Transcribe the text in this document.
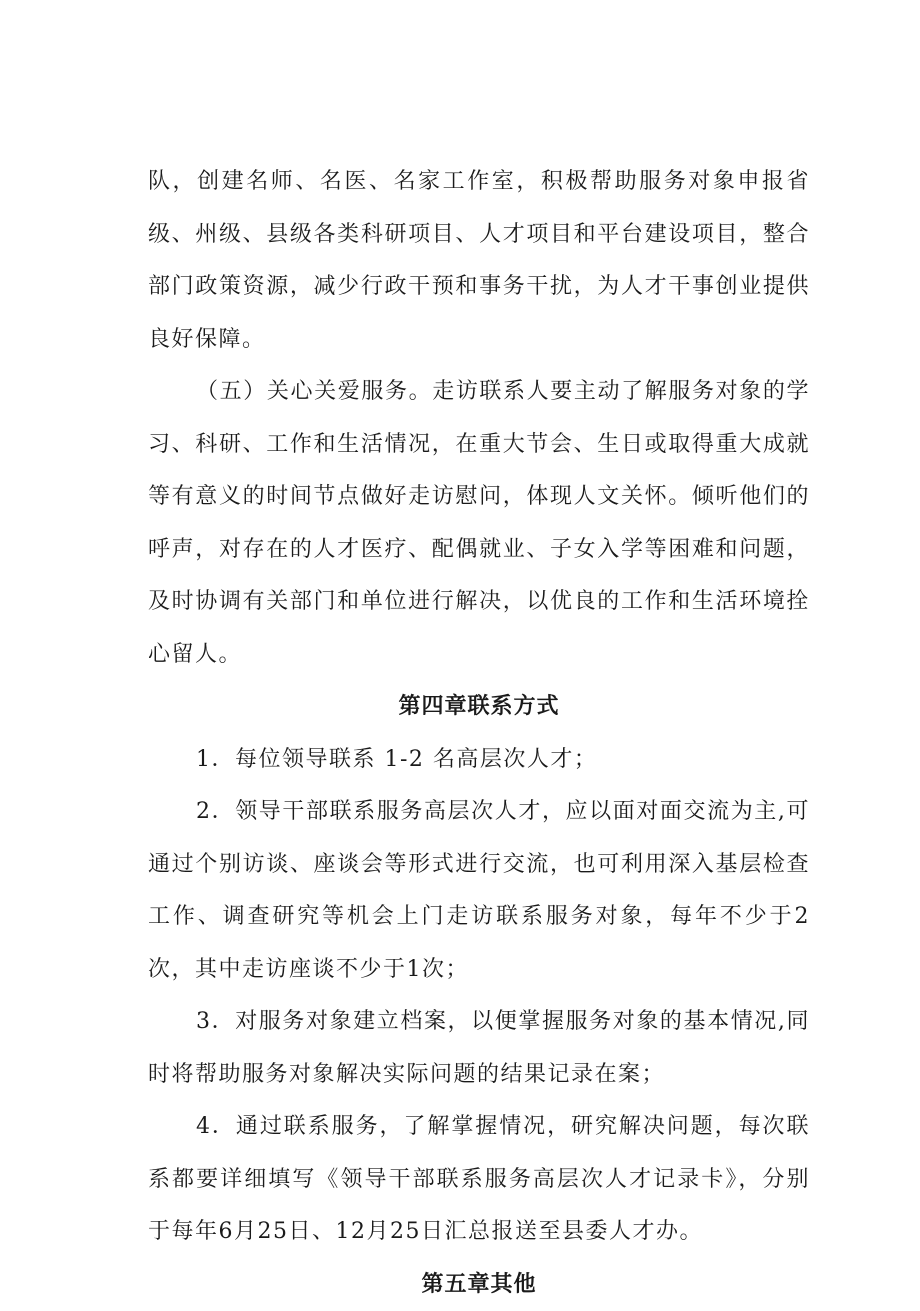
队，创建名师、名医、名家工作室，积极帮助服务对象申报省级、州级、县级各类科研项目、人才项目和平台建设项目，整合部门政策资源，减少行政干预和事务干扰，为人才干事创业提供良好保障。

（五）关心关爱服务。走访联系人要主动了解服务对象的学习、科研、工作和生活情况，在重大节会、生日或取得重大成就等有意义的时间节点做好走访慰问，体现人文关怀。倾听他们的呼声，对存在的人才医疗、配偶就业、子女入学等困难和问题，及时协调有关部门和单位进行解决，以优良的工作和生活环境拴心留人。

第四章联系方式

1．每位领导联系 1-2 名高层次人才；

2．领导干部联系服务高层次人才，应以面对面交流为主,可通过个别访谈、座谈会等形式进行交流，也可利用深入基层检查工作、调查研究等机会上门走访联系服务对象，每年不少于2次，其中走访座谈不少于1次；

3．对服务对象建立档案，以便掌握服务对象的基本情况,同时将帮助服务对象解决实际问题的结果记录在案；

4．通过联系服务，了解掌握情况，研究解决问题，每次联系都要详细填写《领导干部联系服务高层次人才记录卡》，分别于每年6月25日、12月25日汇总报送至县委人才办。

第五章其他
